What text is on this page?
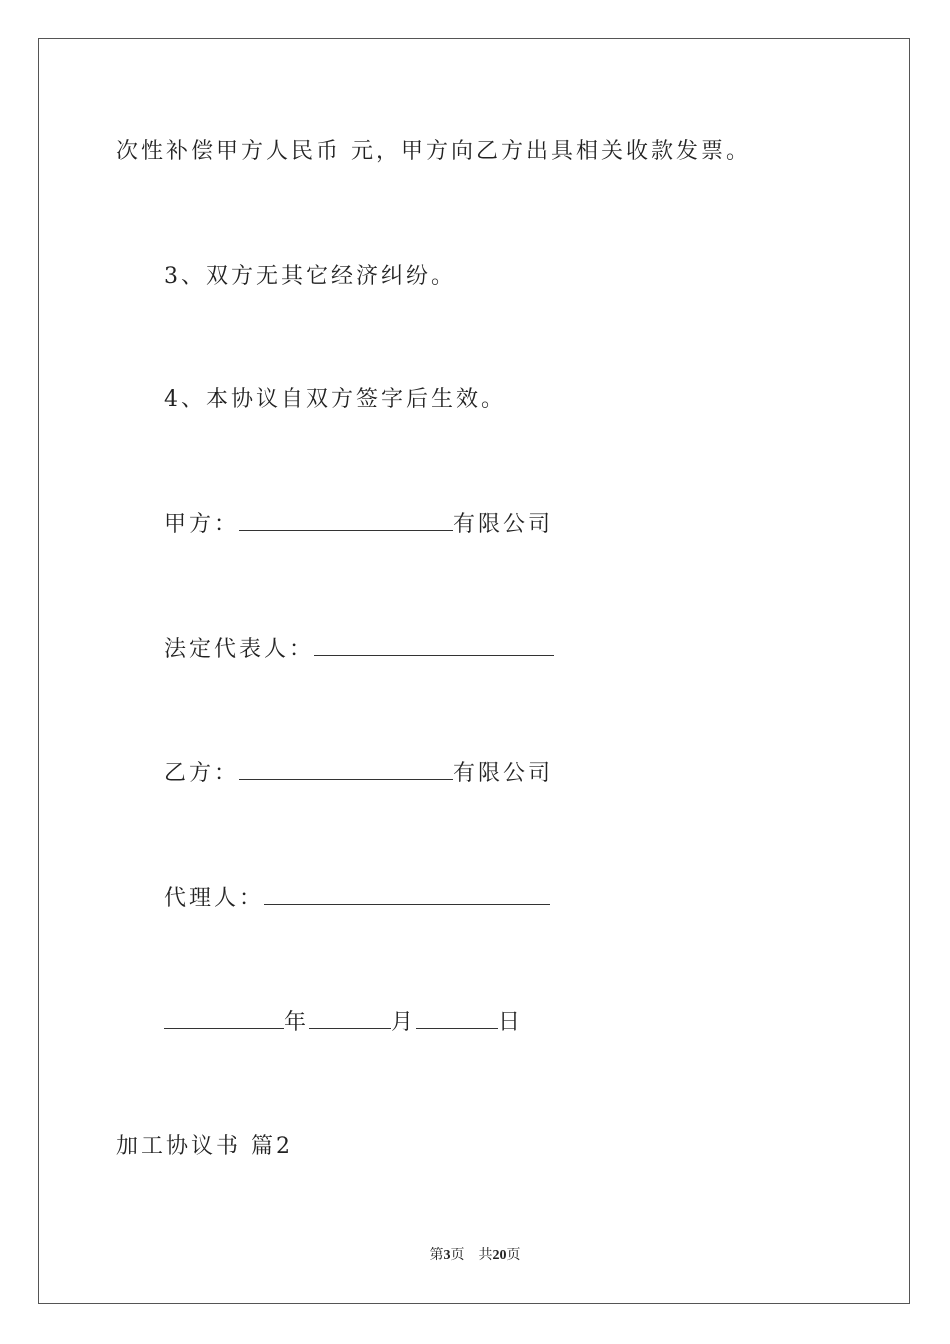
次性补偿甲方人民币 元，甲方向乙方出具相关收款发票。
3、双方无其它经济纠纷。
4、本协议自双方签字后生效。
甲方：	有限公司
法定代表人：
乙方：	有限公司
代理人：
年	月	日
加工协议书 篇2
第3页　共20页
